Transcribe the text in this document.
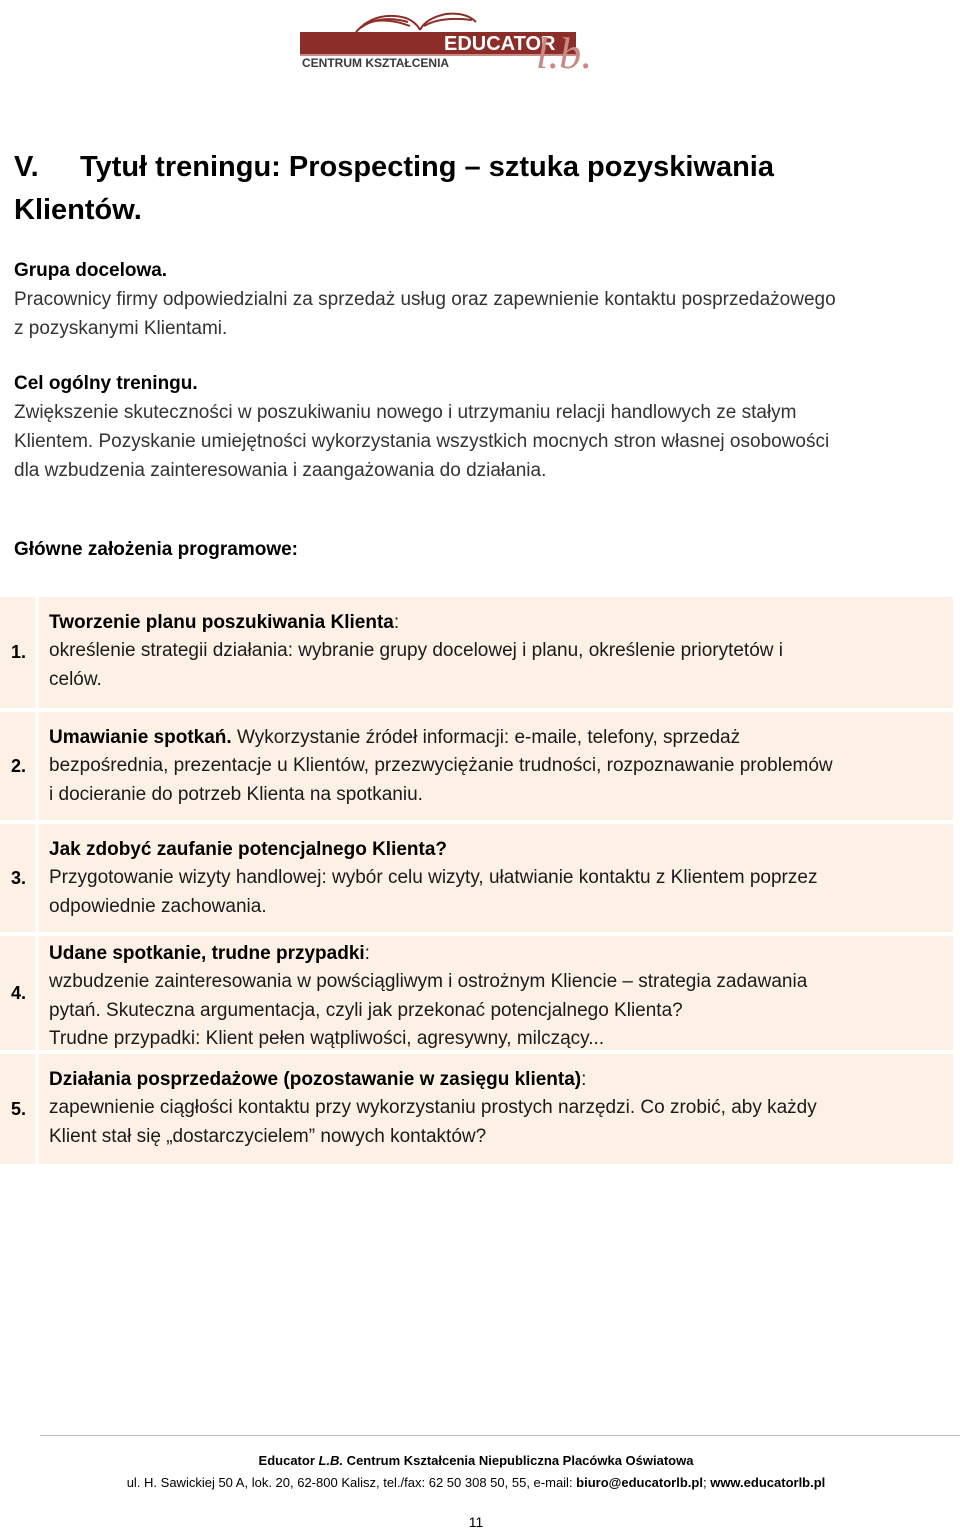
EDUCATOR
CENTRUM KSZTAŁCENIA l.b.
V. Tytuł treningu: Prospecting – sztuka pozyskiwania
Klientów.
Grupa docelowa.
Pracownicy firmy odpowiedzialni za sprzedaż usług oraz zapewnienie kontaktu posprzedażowego
z pozyskanymi Klientami.
Cel ogólny treningu.
Zwiększenie skuteczności w poszukiwaniu nowego i utrzymaniu relacji handlowych ze stałym
Klientem. Pozyskanie umiejętności wykorzystania wszystkich mocnych stron własnej osobowości
dla wzbudzenia zainteresowania i zaangażowania do działania.
Główne założenia programowe:
1.
Tworzenie planu poszukiwania Klienta:
określenie strategii działania: wybranie grupy docelowej i planu, określenie priorytetów i
celów.
2.
Umawianie spotkań. Wykorzystanie źródeł informacji: e-maile, telefony, sprzedaż
bezpośrednia, prezentacje u Klientów, przezwyciężanie trudności, rozpoznawanie problemów
i docieranie do potrzeb Klienta na spotkaniu.
3.
Jak zdobyć zaufanie potencjalnego Klienta?
Przygotowanie wizyty handlowej: wybór celu wizyty, ułatwianie kontaktu z Klientem poprzez
odpowiednie zachowania.
4.
Udane spotkanie, trudne przypadki:
wzbudzenie zainteresowania w powściągliwym i ostrożnym Kliencie – strategia zadawania
pytań. Skuteczna argumentacja, czyli jak przekonać potencjalnego Klienta?
Trudne przypadki: Klient pełen wątpliwości, agresywny, milczący...
5.
Działania posprzedażowe (pozostawanie w zasięgu klienta):
zapewnienie ciągłości kontaktu przy wykorzystaniu prostych narzędzi. Co zrobić, aby każdy
Klient stał się „dostarczycielem” nowych kontaktów?
Educator L.B. Centrum Kształcenia Niepubliczna Placówka Oświatowa
ul. H. Sawickiej 50 A, lok. 20, 62-800 Kalisz, tel./fax: 62 50 308 50, 55, e-mail: biuro@educatorlb.pl; www.educatorlb.pl
11
